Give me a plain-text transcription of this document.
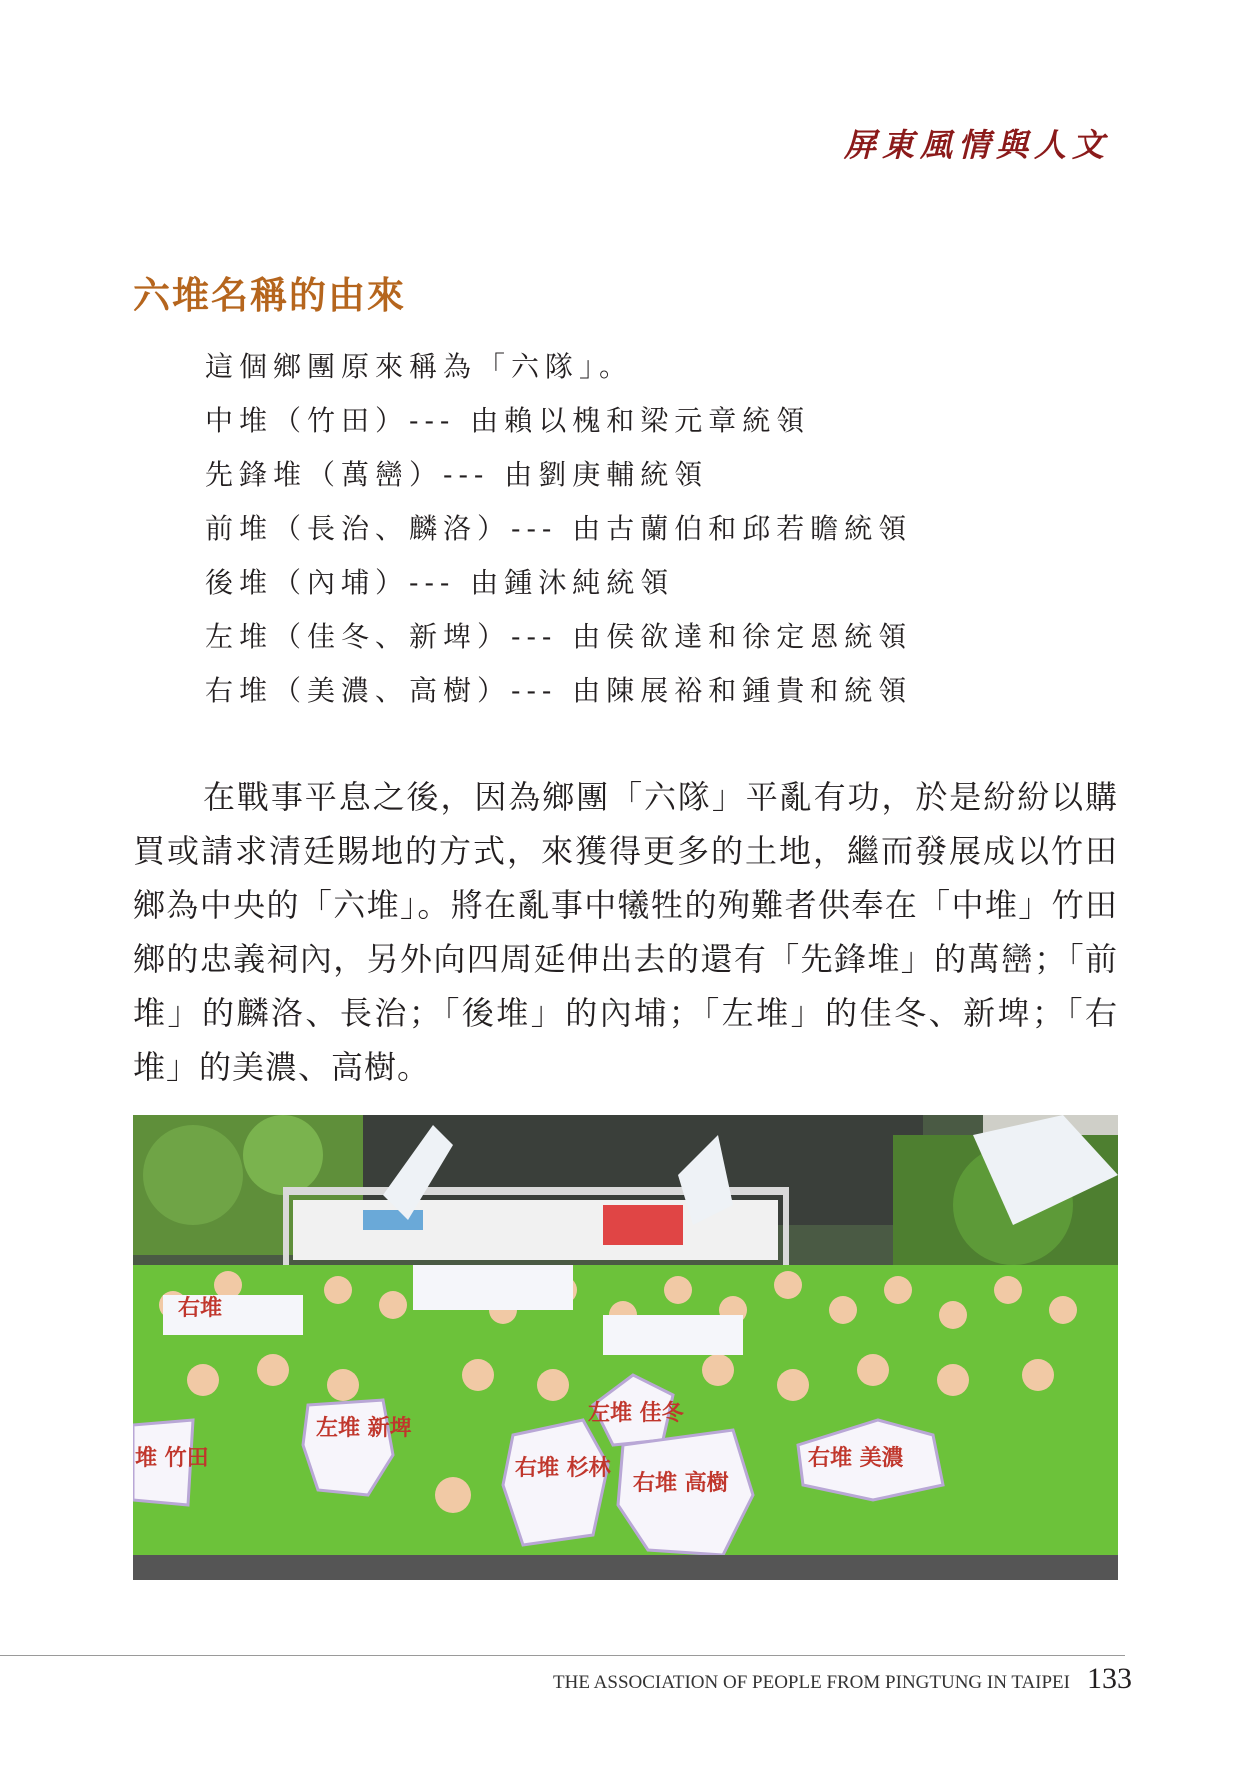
屏東風情與人文
六堆名稱的由來
這個鄉團原來稱為「六隊」。
中堆（竹田）--- 由賴以槐和梁元章統領
先鋒堆（萬巒）--- 由劉庚輔統領
前堆（長治、麟洛）--- 由古蘭伯和邱若瞻統領
後堆（內埔）--- 由鍾沐純統領
左堆（佳冬、新埤）--- 由侯欲達和徐定恩統領
右堆（美濃、高樹）--- 由陳展裕和鍾貴和統領
在戰事平息之後，因為鄉團「六隊」平亂有功，於是紛紛以購買或請求清廷賜地的方式，來獲得更多的土地，繼而發展成以竹田鄉為中央的「六堆」。將在亂事中犧牲的殉難者供奉在「中堆」竹田鄉的忠義祠內，另外向四周延伸出去的還有「先鋒堆」的萬巒；「前堆」的麟洛、長治；「後堆」的內埔；「左堆」的佳冬、新埤；「右堆」的美濃、高樹。
右堆
左堆 新埤
堆 竹田	右堆 杉林
左堆 佳冬
右堆 高樹
右堆 美濃
THE ASSOCIATION OF PEOPLE FROM PINGTUNG IN TAIPEI 133
